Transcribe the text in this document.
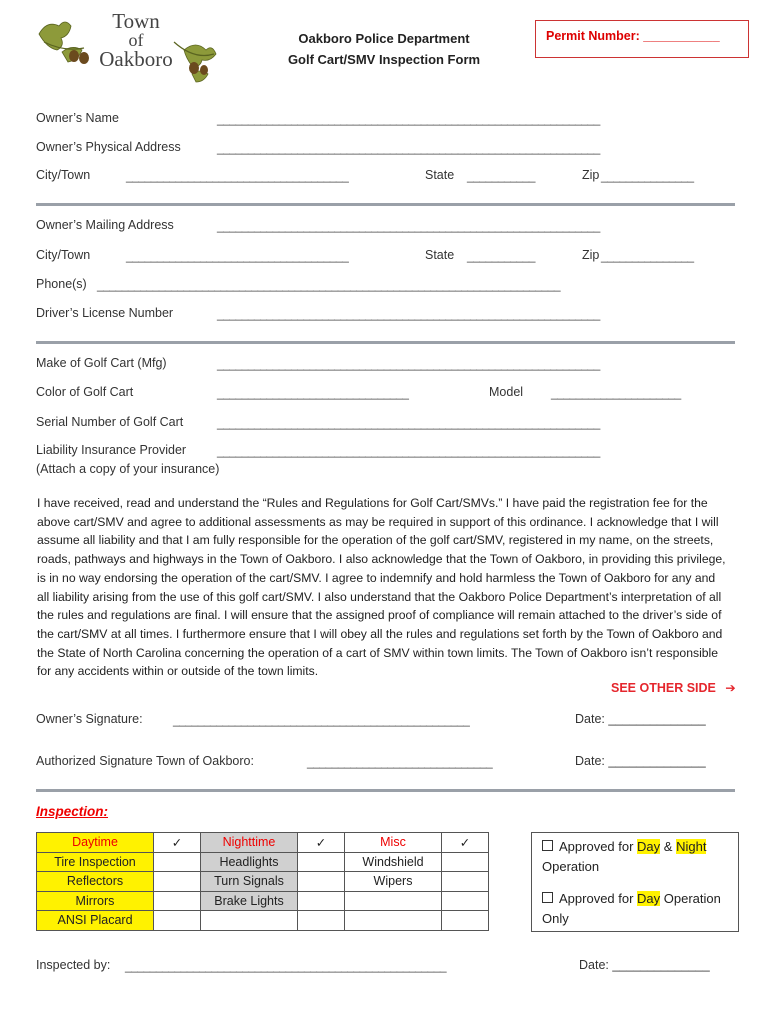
Town
of
Oakboro
Oakboro Police Department
Golf Cart/SMV Inspection Form
Permit Number: ___________
Owner’s Name	______________________________________________________________
Owner’s Physical Address	______________________________________________________________
City/Town	____________________________________	State ___________	Zip _______________
Owner’s Mailing Address	______________________________________________________________
City/Town	____________________________________	State ___________	Zip _______________
Phone(s) ___________________________________________________________________________
Driver’s License Number	______________________________________________________________
Make of Golf Cart (Mfg)	______________________________________________________________
Color of Golf Cart	_______________________________	Model _____________________
Serial Number of Golf Cart	______________________________________________________________
Liability Insurance Provider	______________________________________________________________
(Attach a copy of your insurance)
I have received, read and understand the “Rules and Regulations for Golf Cart/SMVs.” I have paid the registration fee for the above cart/SMV and agree to additional assessments as may be required in support of this ordinance. I acknowledge that I will assume all liability and that I am fully responsible for the operation of the golf cart/SMV, registered in my name, on the streets, roads, pathways and highways in the Town of Oakboro. I also acknowledge that the Town of Oakboro, in providing this privilege, is in no way endorsing the operation of the cart/SMV. I agree to indemnify and hold harmless the Town of Oakboro for any and all liability arising from the use of this golf cart/SMV. I also understand that the Oakboro Police Department’s interpretation of all the rules and regulations are final. I will ensure that the assigned proof of compliance will remain attached to the driver’s side of the cart/SMV at all times. I furthermore ensure that I will obey all the rules and regulations set forth by the Town of Oakboro and the State of North Carolina concerning the operation of a cart of SMV within town limits. The Town of Oakboro isn’t responsible for any accidents within or outside of the town limits.
SEE OTHER SIDE ➔
Owner’s Signature:	________________________________________________	Date: ______________
Authorized Signature Town of Oakboro:	______________________________	Date: ______________
Inspection:
Daytime	✓	Nighttime	✓	Misc	✓
Tire Inspection		Headlights		Windshield	
Reflectors		Turn Signals		Wipers	
Mirrors		Brake Lights			
ANSI Placard					
Approved for Day & Night Operation
Approved for Day Operation Only
Inspected by: ____________________________________________________	Date: ______________
